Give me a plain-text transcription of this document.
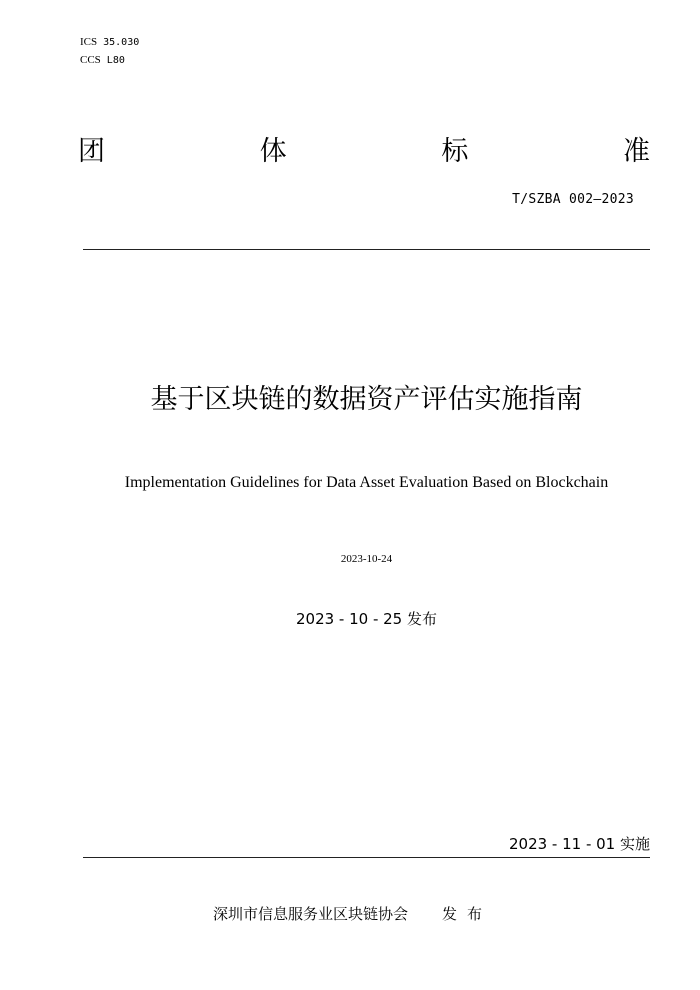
ICS 35.030
CCS L80
团	体	标	准
T/SZBA 002—2023
基于区块链的数据资产评估实施指南
Implementation Guidelines for Data Asset Evaluation Based on Blockchain
2023-10-24
2023 - 10 - 25 发布
2023 - 11 - 01 实施
深圳市信息服务业区块链协会 发布
